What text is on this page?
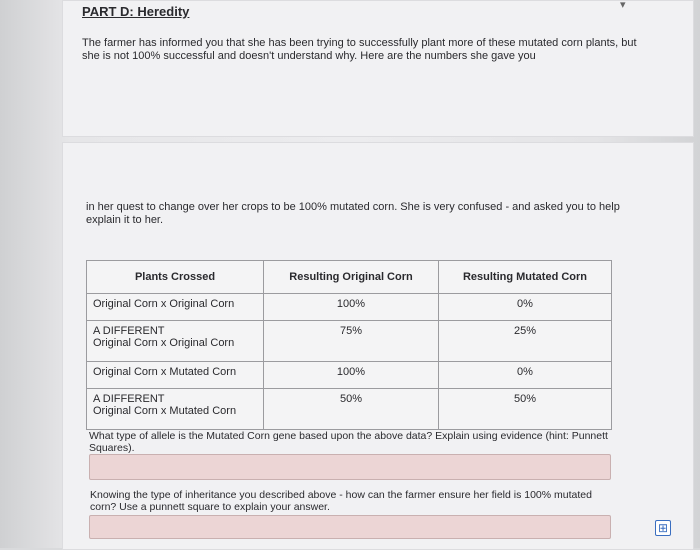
PART D: Heredity	▾
The farmer has informed you that she has been trying to successfully plant more of these mutated corn plants, but she is not 100% successful and doesn't understand why. Here are the numbers she gave you
in her quest to change over her crops to be 100% mutated corn. She is very confused - and asked you to help explain it to her.
Plants Crossed	Resulting Original Corn	Resulting Mutated Corn
Original Corn x Original Corn	100%	0%
A DIFFERENT
Original Corn x Original Corn	75%	25%
Original Corn x Mutated Corn	100%	0%
A DIFFERENT
Original Corn x Mutated Corn	50%	50%
What type of allele is the Mutated Corn gene based upon the above data? Explain using evidence (hint: Punnett Squares).
Knowing the type of inheritance you described above - how can the farmer ensure her field is 100% mutated corn? Use a punnett square to explain your answer.
⊞
